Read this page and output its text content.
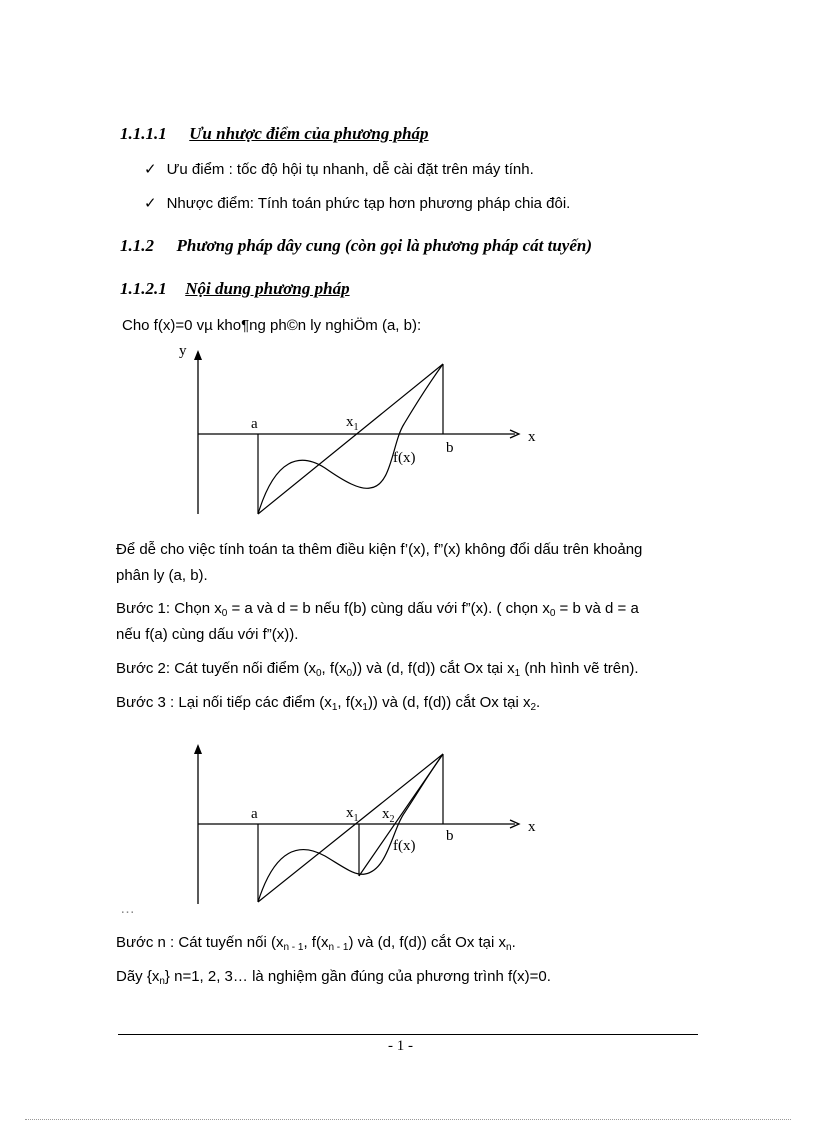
1.1.1.1 Ưu nhược điểm của phương pháp
✓ Ưu điểm : tốc độ hội tụ nhanh, dễ cài đặt trên máy tính.
✓ Nhược điểm: Tính toán phức tạp hơn phương pháp chia đôi.
1.1.2 Phương pháp dây cung (còn gọi là phương pháp cát tuyến)
1.1.2.1 Nội dung phương pháp
Cho f(x)=0 vµ kho¶ng ph©n ly nghiÖm (a, b):
y
x
a
b
$x_1$
f(x)
Để dễ cho việc tính toán ta thêm điều kiện f’(x), f”(x) không đổi dấu trên khoảng
phân ly (a, b).
Bước 1: Chọn $x_0 = a$ và d = b nếu f(b) cùng dấu với f”(x). ( chọn $x_0 = b$ và d = a
nếu f(a) cùng dấu với f”(x)).
Bước 2: Cát tuyến nối điểm ($x_0$, $f(x_0)$) và (d, f(d)) cắt Ox tại $x_1$ (nh hình vẽ trên).
Bước 3 : Lại nối tiếp các điểm ($x_1$, $f(x_1)$) và (d, f(d)) cắt Ox tại $x_2$.
x
a
b
$x_1$ $x_2$
f(x)
…
Bước n : Cát tuyến nối ($x_{n - 1}$, $f(x_{n - 1})$ và (d, f(d)) cắt Ox tại $x_n$.
Dãy $\{x_n\}$ n=1, 2, 3… là nghiệm gần đúng của phương trình f(x)=0.
- 1 -
